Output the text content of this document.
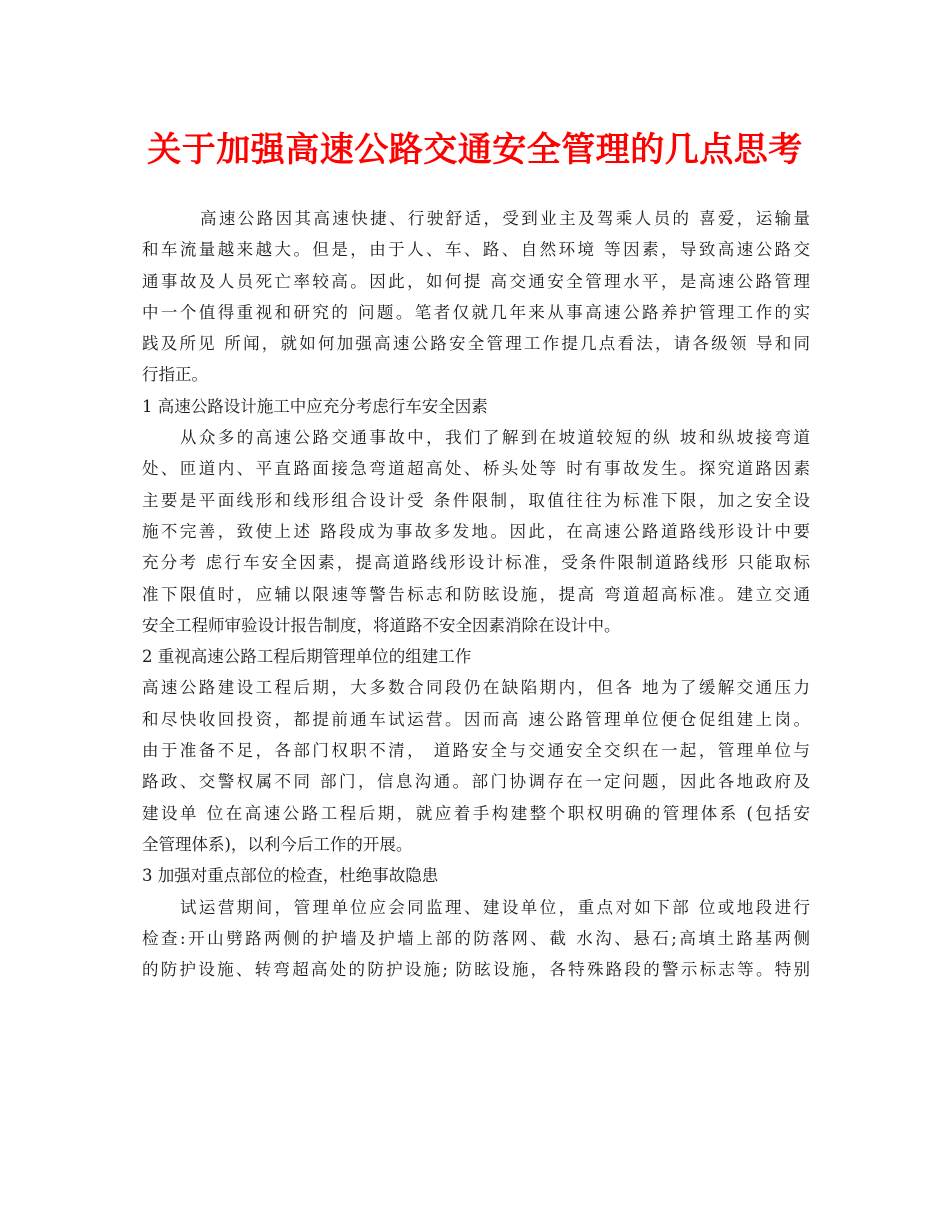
关于加强高速公路交通安全管理的几点思考
高速公路因其高速快捷、行驶舒适，受到业主及驾乘人员的 喜爱，运输量
和车流量越来越大。但是，由于人、车、路、自然环境 等因素，导致高速公路交
通事故及人员死亡率较高。因此，如何提 高交通安全管理水平，是高速公路管理
中一个值得重视和研究的 问题。笔者仅就几年来从事高速公路养护管理工作的实
践及所见 所闻，就如何加强高速公路安全管理工作提几点看法，请各级领 导和同
行指正。
1 高速公路设计施工中应充分考虑行车安全因素
从众多的高速公路交通事故中，我们了解到在坡道较短的纵 坡和纵坡接弯道
处、匝道内、平直路面接急弯道超高处、桥头处等 时有事故发生。探究道路因素
主要是平面线形和线形组合设计受 条件限制，取值往往为标准下限，加之安全设
施不完善，致使上述 路段成为事故多发地。因此，在高速公路道路线形设计中要
充分考 虑行车安全因素，提高道路线形设计标准，受条件限制道路线形 只能取标
准下限值时，应辅以限速等警告标志和防眩设施，提高 弯道超高标准。建立交通
安全工程师审验设计报告制度，将道路不安全因素消除在设计中。
2 重视高速公路工程后期管理单位的组建工作
高速公路建设工程后期，大多数合同段仍在缺陷期内，但各 地为了缓解交通压力
和尽快收回投资，都提前通车试运营。因而高 速公路管理单位便仓促组建上岗。
由于准备不足，各部门权职不清， 道路安全与交通安全交织在一起，管理单位与
路政、交警权属不同 部门，信息沟通。部门协调存在一定问题，因此各地政府及
建设单 位在高速公路工程后期，就应着手构建整个职权明确的管理体系 (包括安
全管理体系)，以利今后工作的开展。
3 加强对重点部位的检查，杜绝事故隐患
试运营期间，管理单位应会同监理、建设单位，重点对如下部 位或地段进行
检查:开山劈路两侧的护墙及护墙上部的防落网、截 水沟、悬石;高填土路基两侧
的防护设施、转弯超高处的防护设施; 防眩设施，各特殊路段的警示标志等。特别
